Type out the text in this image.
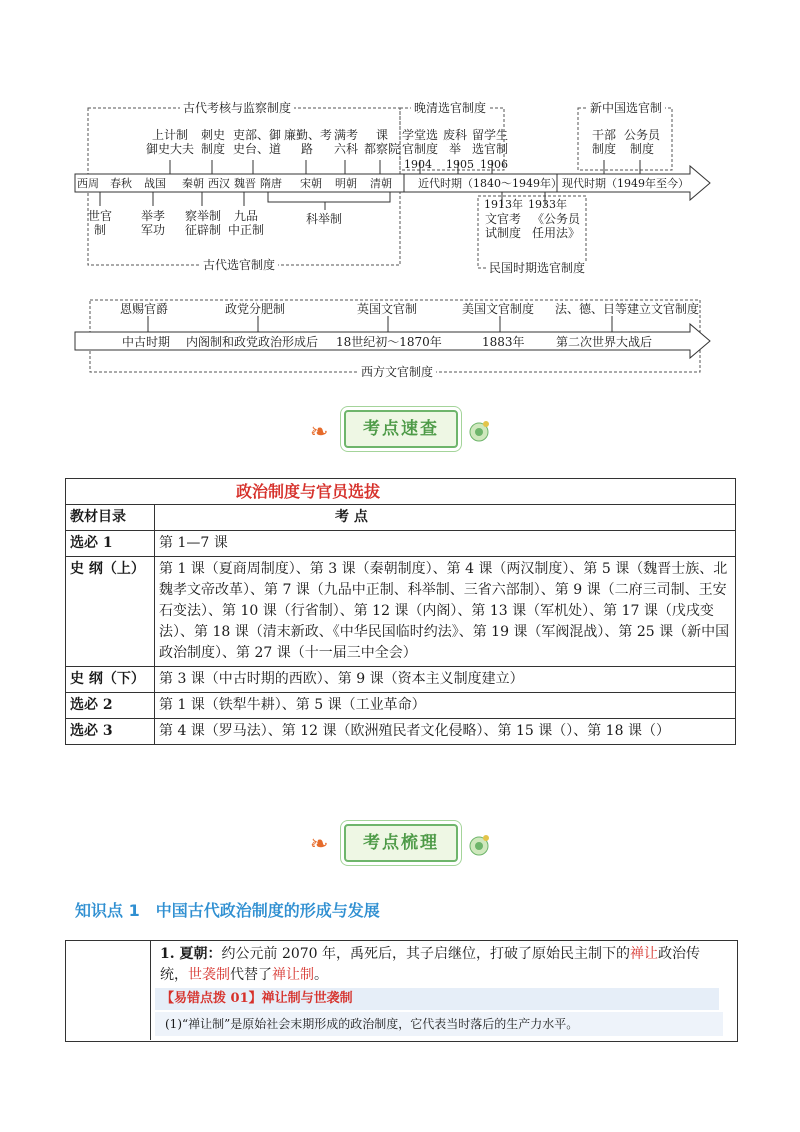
古代考核与监察制度	晚清选官制度	新中国选官制
上计制
御史大夫
刺史
制度
吏部、御
史台、道
廉勤、考
路
满考
六科
课
都察院
学堂选
官制度
废科
举
留学生
选官制
干部
制度
公务员
制度
1904 1905 1906
西周 春秋 战国 秦朝 西汉 魏晋 隋唐 宋朝 明朝 清朝 近代时期（1840～1949年） 现代时期（1949年至今）
世官
制
举孝
军功
察举制
征辟制
九品
中正制
科举制
1913年 1933年
文官考
试制度
《公务员
任用法》
古代选官制度	民国时期选官制度
恩赐官爵	政党分肥制	英国文官制	美国文官制度 法、德、日等建立文官制度
中古时期 内阁制和政党政治形成后 18世纪初～1870年	1883年	第二次世界大战后
西方文官制度
❧	考点速查
政治制度与官员选拔	
教材目录	考 点
选必 1	第 1—7 课
史 纲（上）	第 1 课（夏商周制度）、第 3 课（秦朝制度）、第 4 课（两汉制度）、第 5 课（魏晋士族、北魏孝文帝改革）、第 7 课（九品中正制、科举制、三省六部制）、第 9 课（二府三司制、王安石变法）、第 10 课（行省制）、第 12 课（内阁）、第 13 课（军机处）、第 17 课（戊戌变法）、第 18 课（清末新政、《中华民国临时约法》、第 19 课（军阀混战）、第 25 课（新中国政治制度）、第 27 课（十一届三中全会）
史 纲（下）	第 3 课（中古时期的西欧）、第 9 课（资本主义制度建立）
选必 2	第 1 课（铁犁牛耕）、第 5 课（工业革命）
选必 3	第 4 课（罗马法）、第 12 课（欧洲殖民者文化侵略）、第 15 课（）、第 18 课（）
❧	考点梳理
知识点 1　中国古代政治制度的形成与发展
1. 夏朝：约公元前 2070 年，禹死后，其子启继位，打破了原始民主制下的禅让政治传统，世袭制代替了禅让制。
【易错点拨 01】禅让制与世袭制
(1)“禅让制”是原始社会末期形成的政治制度，它代表当时落后的生产力水平。
